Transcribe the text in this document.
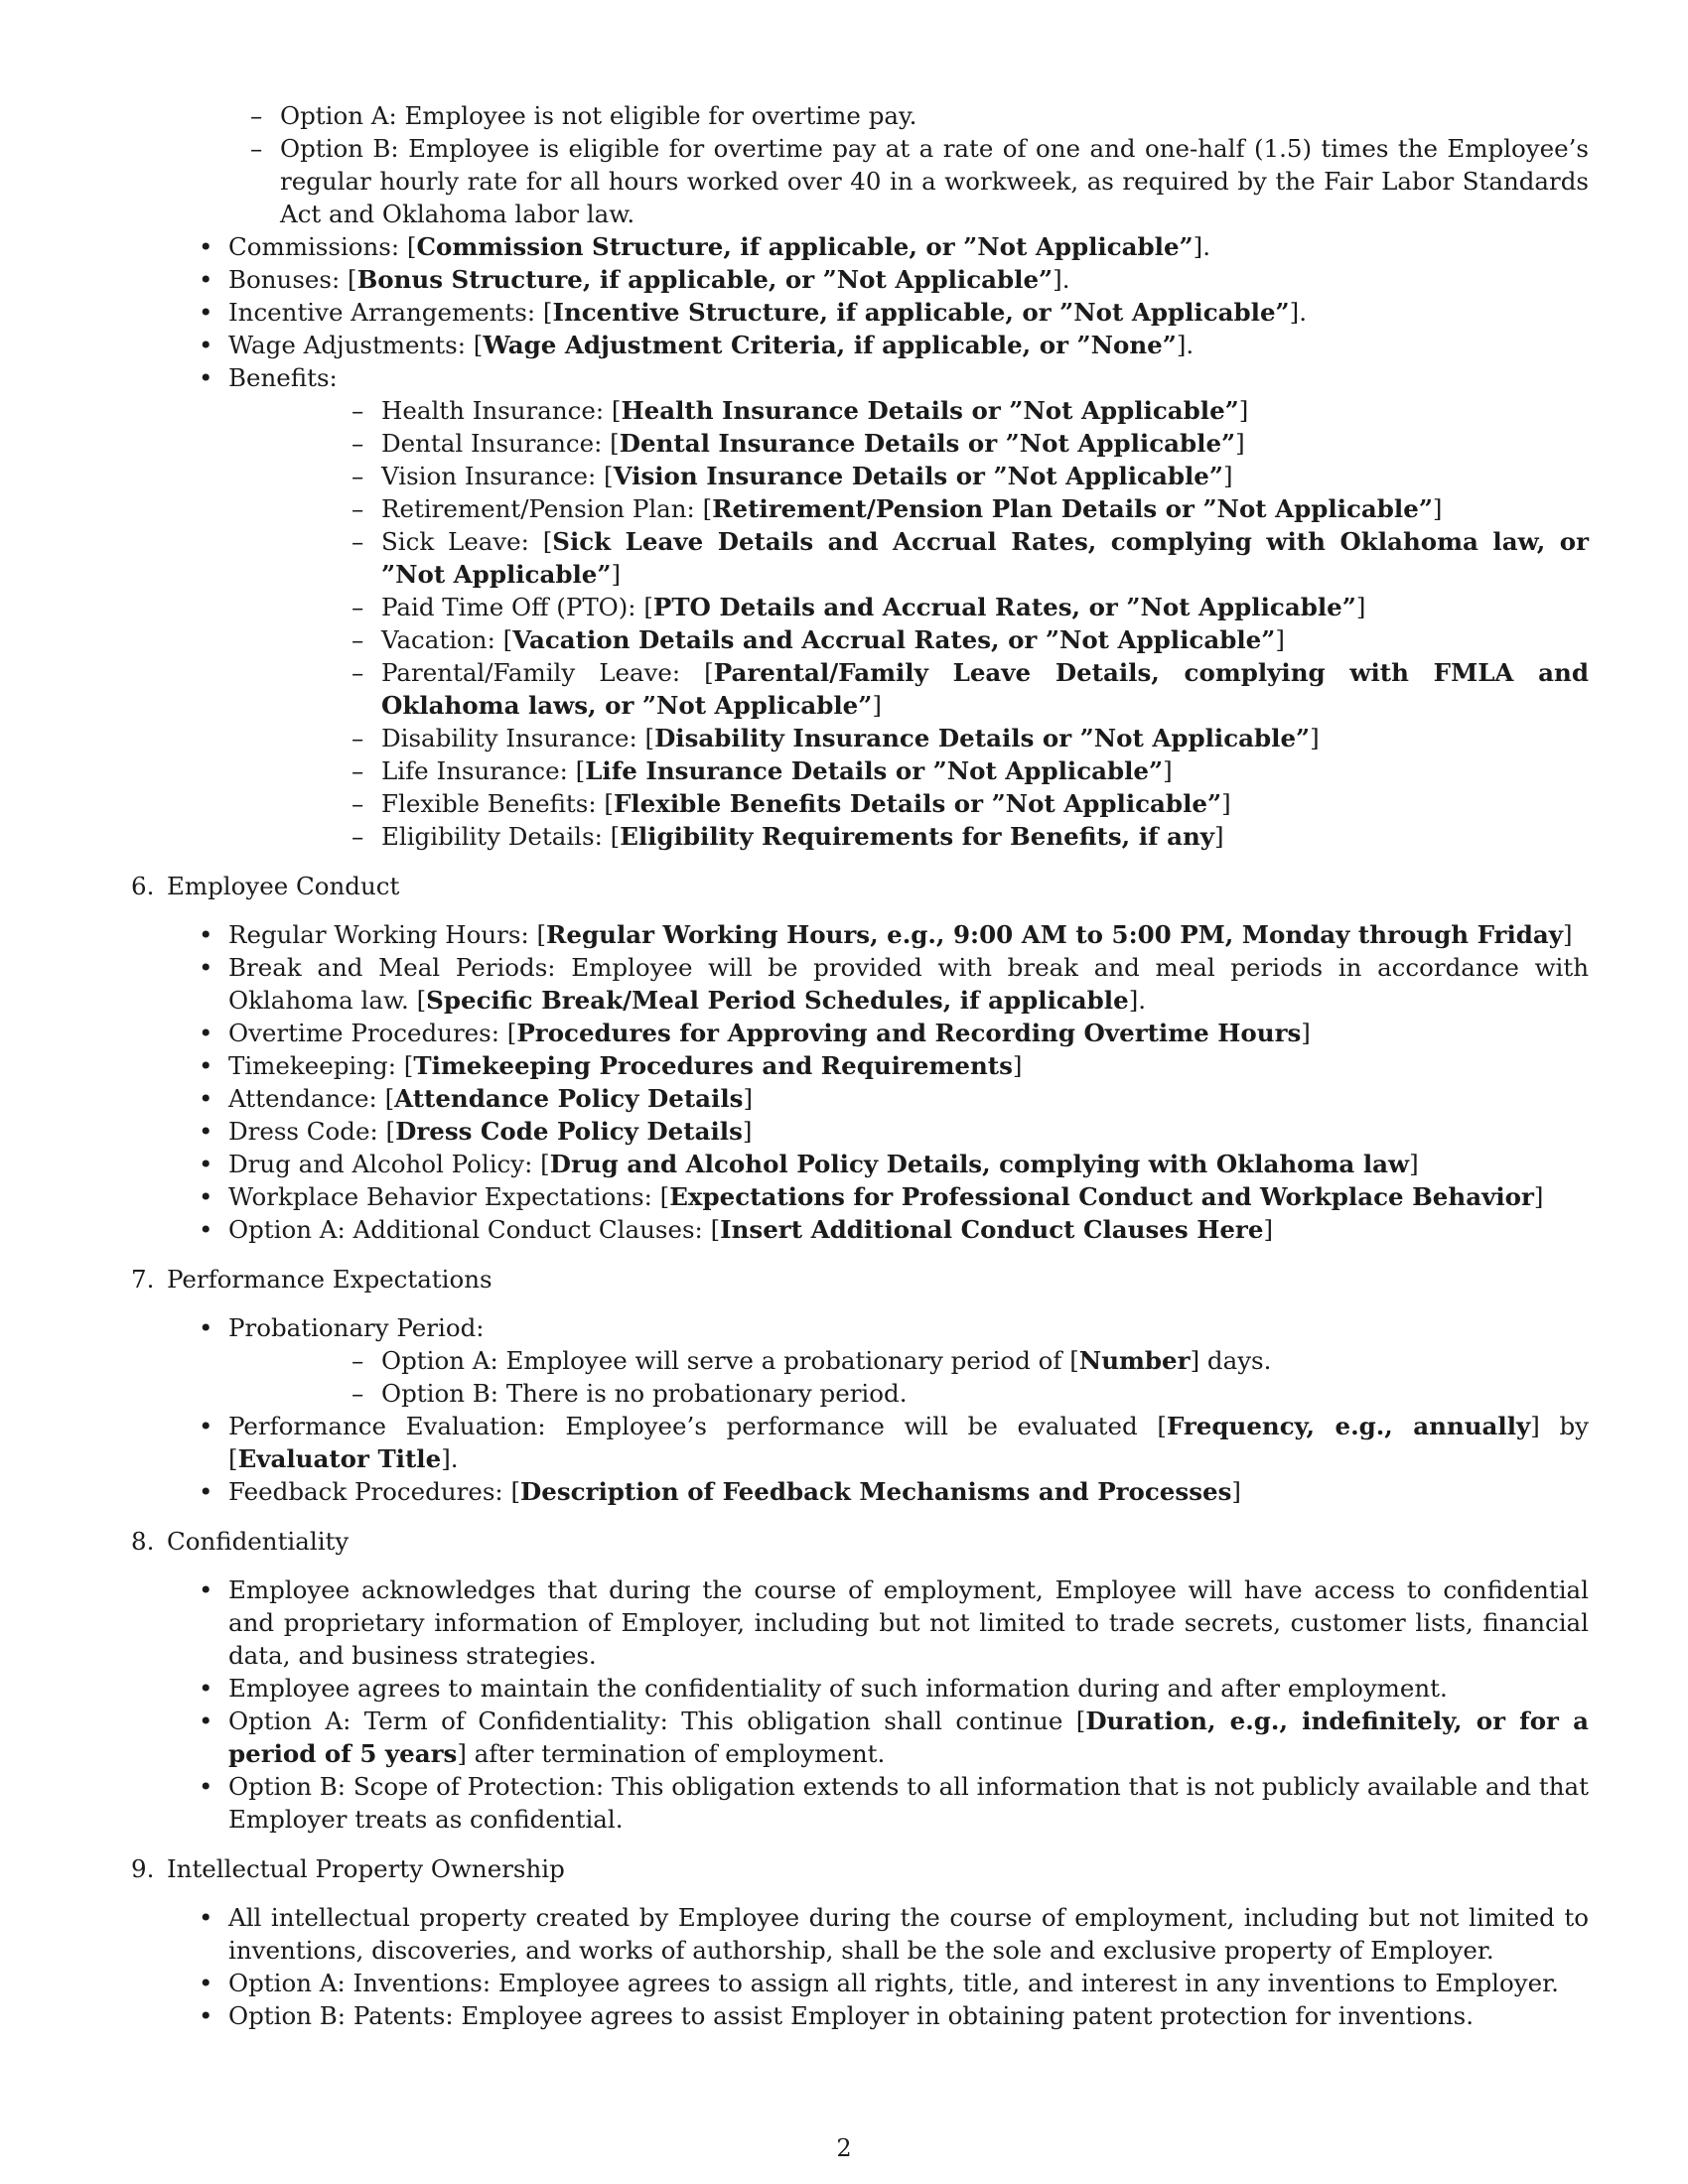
– Option A: Employee is not eligible for overtime pay.
– Option B: Employee is eligible for overtime pay at a rate of one and one-half (1.5) times the Employee’s regular hourly rate for all hours worked over 40 in a workweek, as required by the Fair Labor Standards Act and Oklahoma labor law.
• Commissions: [Commission Structure, if applicable, or ”Not Applicable”].
• Bonuses: [Bonus Structure, if applicable, or ”Not Applicable”].
• Incentive Arrangements: [Incentive Structure, if applicable, or ”Not Applicable”].
• Wage Adjustments: [Wage Adjustment Criteria, if applicable, or ”None”].
• Benefits:
– Health Insurance: [Health Insurance Details or ”Not Applicable”]
– Dental Insurance: [Dental Insurance Details or ”Not Applicable”]
– Vision Insurance: [Vision Insurance Details or ”Not Applicable”]
– Retirement/Pension Plan: [Retirement/Pension Plan Details or ”Not Applicable”]
– Sick Leave: [Sick Leave Details and Accrual Rates, complying with Oklahoma law, or ”Not Applicable”]
– Paid Time Off (PTO): [PTO Details and Accrual Rates, or ”Not Applicable”]
– Vacation: [Vacation Details and Accrual Rates, or ”Not Applicable”]
– Parental/Family Leave: [Parental/Family Leave Details, complying with FMLA and Oklahoma laws, or ”Not Applicable”]
– Disability Insurance: [Disability Insurance Details or ”Not Applicable”]
– Life Insurance: [Life Insurance Details or ”Not Applicable”]
– Flexible Benefits: [Flexible Benefits Details or ”Not Applicable”]
– Eligibility Details: [Eligibility Requirements for Benefits, if any]
6. Employee Conduct
• Regular Working Hours: [Regular Working Hours, e.g., 9:00 AM to 5:00 PM, Monday through Friday]
• Break and Meal Periods: Employee will be provided with break and meal periods in accordance with Oklahoma law. [Specific Break/Meal Period Schedules, if applicable].
• Overtime Procedures: [Procedures for Approving and Recording Overtime Hours]
• Timekeeping: [Timekeeping Procedures and Requirements]
• Attendance: [Attendance Policy Details]
• Dress Code: [Dress Code Policy Details]
• Drug and Alcohol Policy: [Drug and Alcohol Policy Details, complying with Oklahoma law]
• Workplace Behavior Expectations: [Expectations for Professional Conduct and Workplace Behavior]
• Option A: Additional Conduct Clauses: [Insert Additional Conduct Clauses Here]
7. Performance Expectations
• Probationary Period:
– Option A: Employee will serve a probationary period of [Number] days.
– Option B: There is no probationary period.
• Performance Evaluation: Employee’s performance will be evaluated [Frequency, e.g., annually] by [Evaluator Title].
• Feedback Procedures: [Description of Feedback Mechanisms and Processes]
8. Confidentiality
• Employee acknowledges that during the course of employment, Employee will have access to confidential and proprietary information of Employer, including but not limited to trade secrets, customer lists, financial data, and business strategies.
• Employee agrees to maintain the confidentiality of such information during and after employment.
• Option A: Term of Confidentiality: This obligation shall continue [Duration, e.g., indefinitely, or for a period of 5 years] after termination of employment.
• Option B: Scope of Protection: This obligation extends to all information that is not publicly available and that Employer treats as confidential.
9. Intellectual Property Ownership
• All intellectual property created by Employee during the course of employment, including but not limited to inventions, discoveries, and works of authorship, shall be the sole and exclusive property of Employer.
• Option A: Inventions: Employee agrees to assign all rights, title, and interest in any inventions to Employer.
• Option B: Patents: Employee agrees to assist Employer in obtaining patent protection for inventions.
2
